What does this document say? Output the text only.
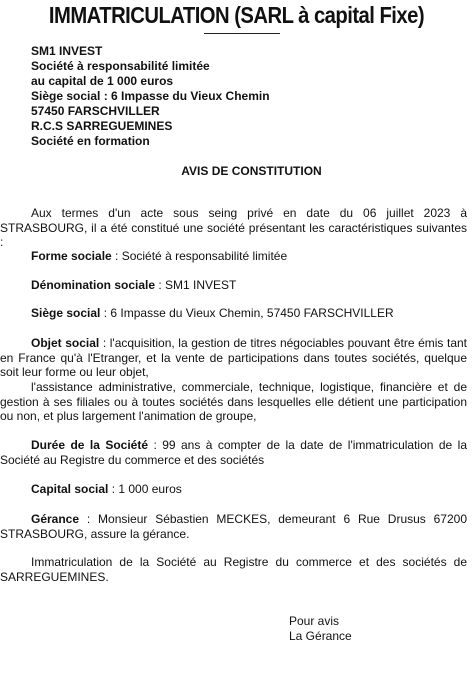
IMMATRICULATION (SARL à capital Fixe)
SM1 INVEST
Société à responsabilité limitée
au capital de 1 000 euros
Siège social : 6 Impasse du Vieux Chemin
57450 FARSCHVILLER
R.C.S SARREGUEMINES
Société en formation
AVIS DE CONSTITUTION
Aux termes d'un acte sous seing privé en date du 06 juillet 2023 à STRASBOURG, il a été constitué une société présentant les caractéristiques suivantes :
Forme sociale : Société à responsabilité limitée
Dénomination sociale : SM1 INVEST
Siège social : 6 Impasse du Vieux Chemin, 57450 FARSCHVILLER
Objet social : l'acquisition, la gestion de titres négociables pouvant être émis tant en France qu'à l'Etranger, et la vente de participations dans toutes sociétés, quelque soit leur forme ou leur objet,
l'assistance administrative, commerciale, technique, logistique, financière et de gestion à ses filiales ou à toutes sociétés dans lesquelles elle détient une participation ou non, et plus largement l'animation de groupe,
Durée de la Société : 99 ans à compter de la date de l'immatriculation de la Société au Registre du commerce et des sociétés
Capital social : 1 000 euros
Gérance : Monsieur Sébastien MECKES, demeurant 6 Rue Drusus 67200 STRASBOURG, assure la gérance.
Immatriculation de la Société au Registre du commerce et des sociétés de SARREGUEMINES.
Pour avis
La Gérance
